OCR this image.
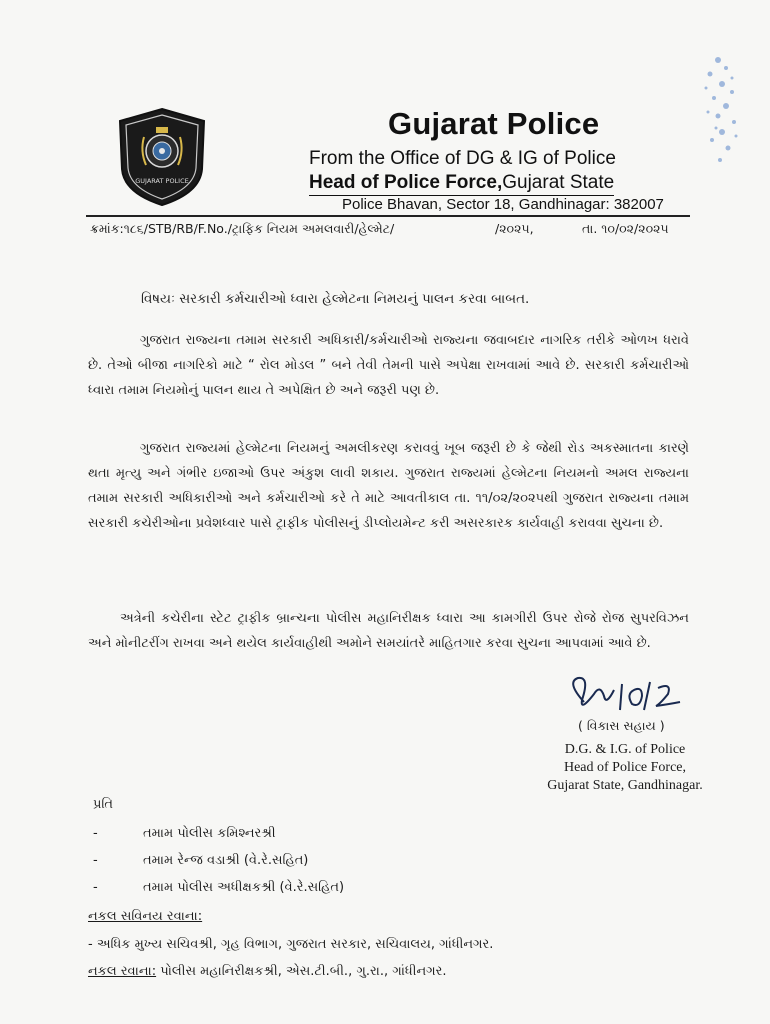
GUJARAT POLICE
Gujarat Police
From the Office of DG & IG of Police
Head of Police Force,Gujarat State
Police Bhavan, Sector 18, Gandhinagar: 382007
ક્રમાંક:૧૮૬/STB/RB/F.No./ટ્રાફિક નિયમ અમલવારી/હેલ્મેટ/	/૨૦૨૫,	તા. ૧૦/૦૨/૨૦૨૫
વિષયઃ સરકારી કર્મચારીઓ ધ્વારા હેલ્મેટના નિમયનું પાલન કરવા બાબત.
ગુજરાત રાજ્યના તમામ સરકારી અધિકારી/કર્મચારીઓ રાજ્યના જવાબદાર નાગરિક તરીકે ઓળખ ધરાવે છે. તેઓ બીજા નાગરિકો માટે “ રોલ મોડલ ” બને તેવી તેમની પાસે અપેક્ષા રાખવામાં આવે છે. સરકારી કર્મચારીઓ ધ્વારા તમામ નિયમોનું પાલન થાય તે અપેક્ષિત છે અને જરૂરી પણ છે.
ગુજરાત રાજ્યમાં હેલ્મેટના નિયમનું અમલીકરણ કરાવવું ખૂબ જરૂરી છે કે જેથી રોડ અકસ્માતના કારણે થતા મૃત્યુ અને ગંભીર ઇજાઓ ઉપર અંકુશ લાવી શકાય. ગુજરાત રાજ્યમાં હેલ્મેટના નિયમનો અમલ રાજ્યના તમામ સરકારી અધિકારીઓ અને કર્મચારીઓ કરે તે માટે આવતીકાલ તા. ૧૧/૦૨/૨૦૨૫થી ગુજરાત રાજ્યના તમામ સરકારી કચેરીઓના પ્રવેશધ્વાર પાસે ટ્રાફીક પોલીસનું ડીપ્લોયમેન્ટ કરી અસરકારક કાર્યવાહી કરાવવા સુચના છે.
અત્રેની કચેરીના સ્ટેટ ટ્રાફીક બ્રાન્ચના પોલીસ મહાનિરીક્ષક ધ્વારા આ કામગીરી ઉપર રોજે રોજ સુપરવિઝન અને મોનીટરીંગ રાખવા અને થયેલ કાર્યવાહીથી અમોને સમયાંતરે માહિતગાર કરવા સુચના આપવામાં આવે છે.
( વિકાસ સહાય )
D.G. & I.G. of Police
Head of Police Force,
Gujarat State, Gandhinagar.
પ્રતિ
-	તમામ પોલીસ કમિશ્નરશ્રી
-	તમામ રેન્જ વડાશ્રી (વે.રે.સહિત)
-	તમામ પોલીસ અધીક્ષકશ્રી (વે.રે.સહિત)
નકલ સવિનય રવાના:
- અધિક મુખ્ય સચિવશ્રી, ગૃહ વિભાગ, ગુજરાત સરકાર, સચિવાલય, ગાંધીનગર.
નકલ રવાના: પોલીસ મહાનિરીક્ષકશ્રી, એસ.ટી.બી., ગુ.રા., ગાંધીનગર.
